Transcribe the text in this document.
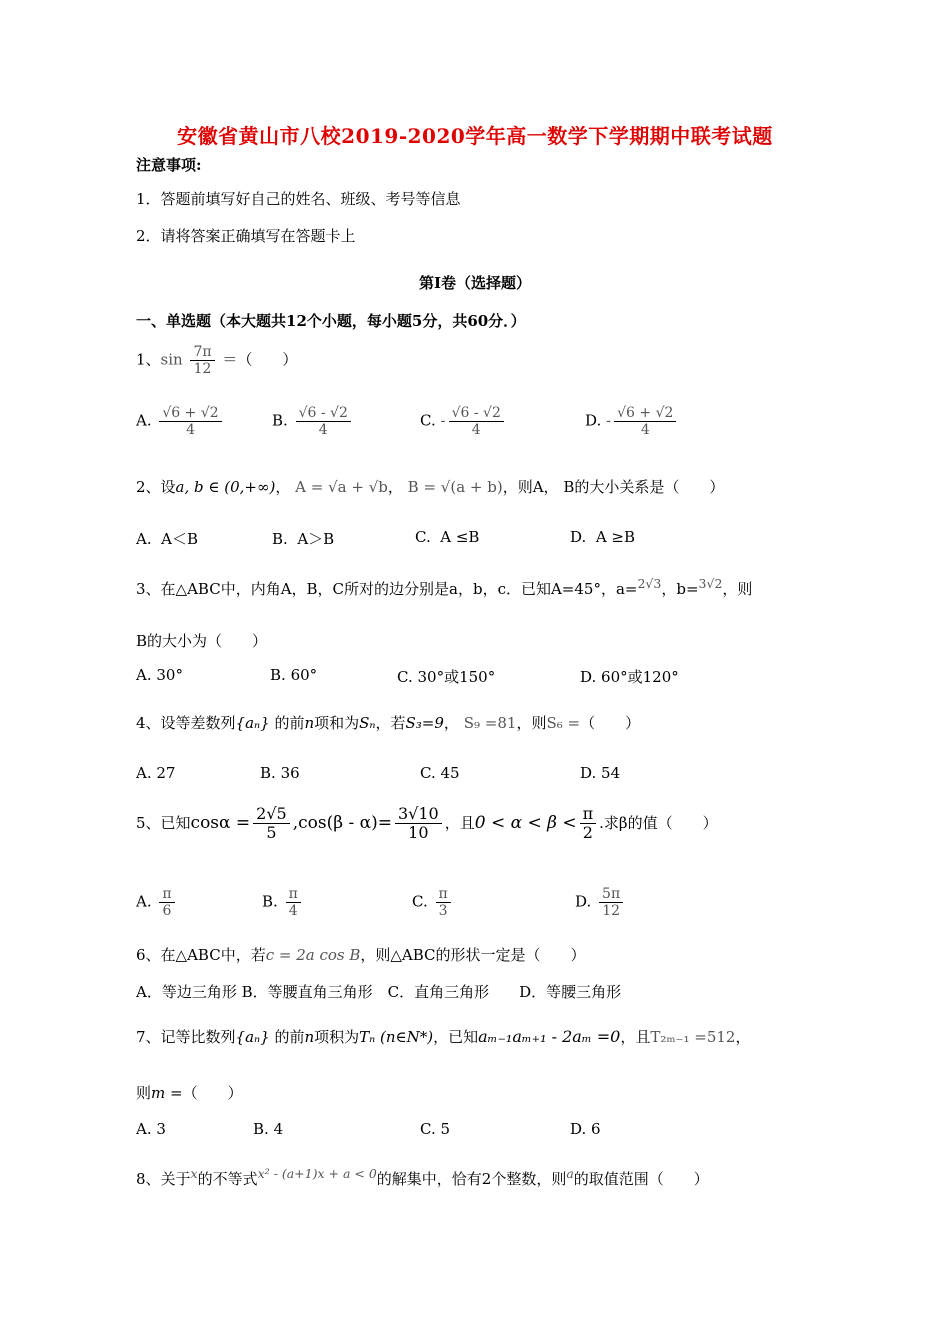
安徽省黄山市八校2019-2020学年高一数学下学期期中联考试题
注意事项:
1．答题前填写好自己的姓名、班级、考号等信息
2．请将答案正确填写在答题卡上
第I卷（选择题）
一、单选题（本大题共12个小题，每小题5分，共60分．）
1、$\sin \frac{7\pi}{12}$ ＝（　　）
A. $\frac{√6 + √2}{4}$	B. $\frac{√6 - √2}{4}$	C. - $\frac{√6 - √2}{4}$	D. - $\frac{√6 + √2}{4}$
2、设a, b ∈ (0,+∞)， A = √a + √b， B = √(a + b)，则A， B的大小关系是（　　）
A. A＜B	B. A＞B	C. A ≤B	D. A ≥B
3、在△ABC中，内角A，B，C所对的边分别是a，b，c．已知A=45°，a=$^{2√3}$，b=$^{3√2}$，则
B的大小为（　　）
A. 30°	B. 60°	C. 30°或150°	D. 60°或120°
4、设等差数列{aₙ} 的前n项和为Sₙ，若S₃=9， S₉ =81，则S₆ =（　　）
A. 27	B. 36	C. 45	D. 54
5、已知$\cos\alpha = \frac{2√5}{5} ,\cos(\beta - \alpha)= \frac{3√10}{10}$ ，且$0 < \alpha < \beta < \frac{\pi}{2}$ .求β的值（　　）
A. $\frac{\pi}{6}$	B. $\frac{\pi}{4}$	C. $\frac{\pi}{3}$	D. $\frac{5\pi}{12}$
6、在△ABC中，若c = 2a cos B，则△ABC的形状一定是（　　）
A．等边三角形 B．等腰直角三角形　C．直角三角形　　D．等腰三角形
7、记等比数列{aₙ} 的前n项积为Tₙ (n∈N*)，已知aₘ₋₁aₘ₊₁ - 2aₘ =0，且T₂ₘ₋₁ =512，
则m =（　　）
A. 3	B. 4	C. 5	D. 6
8、关于$^x$的不等式$^{x^2 - (a+1)x + a < 0}$的解集中，恰有2个整数，则$^a$的取值范围（　　）
